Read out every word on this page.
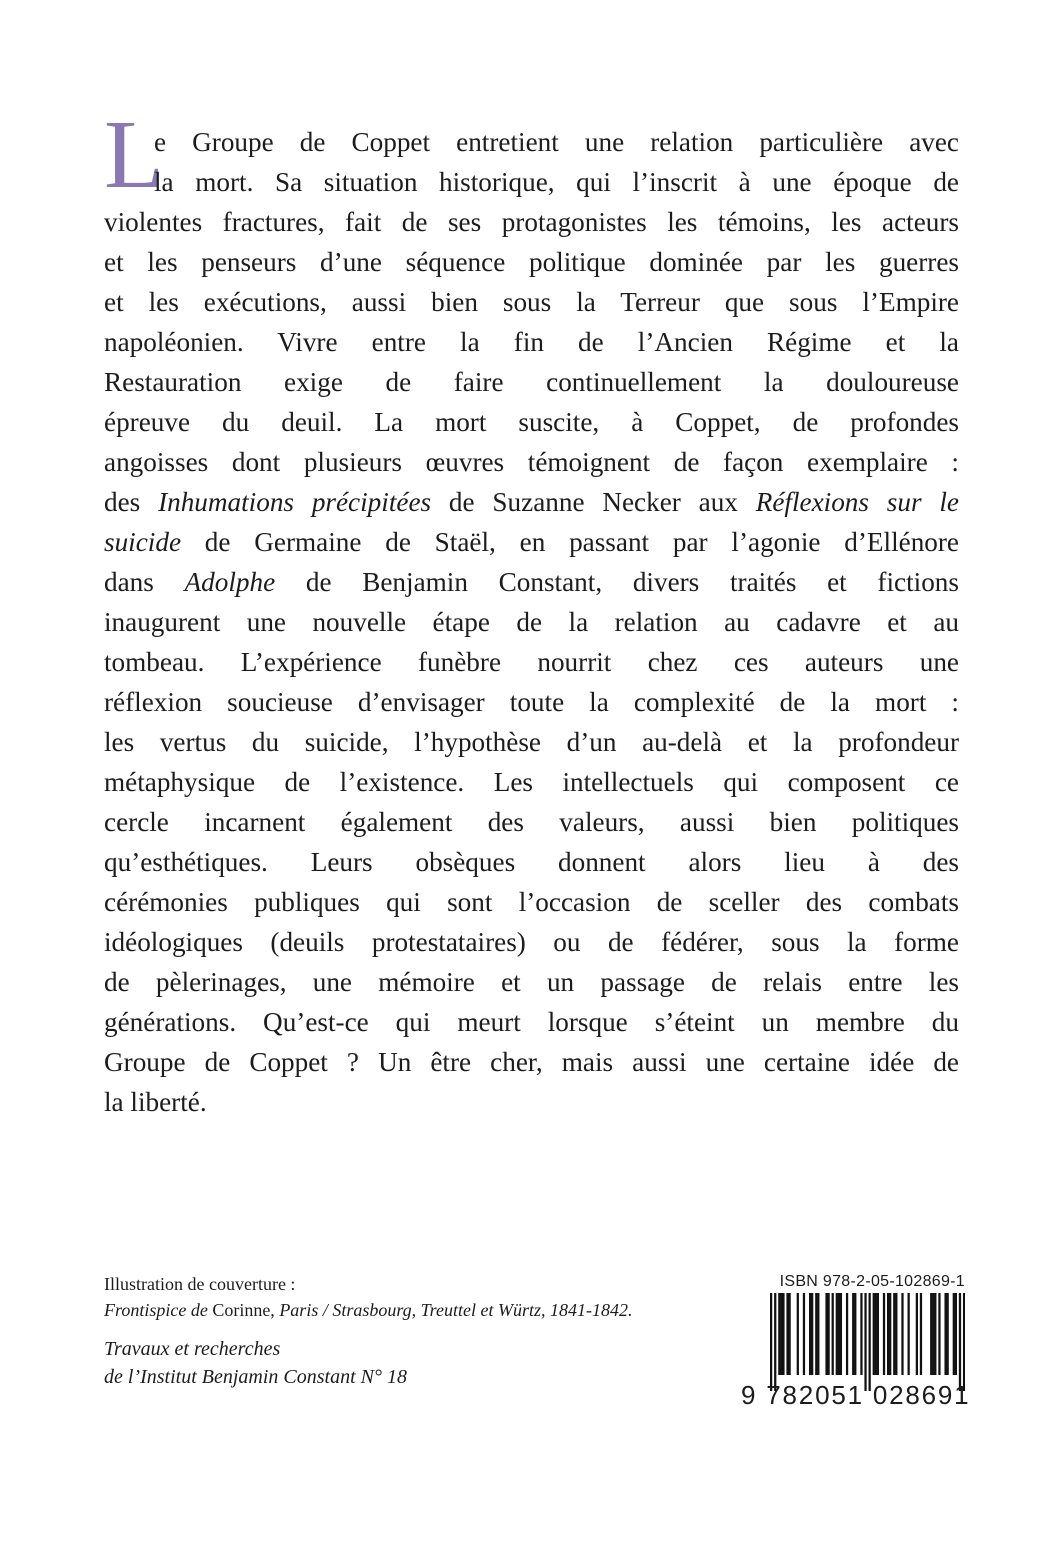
L
e Groupe de Coppet entretient une relation particulière avec
la mort. Sa situation historique, qui l’inscrit à une époque de
violentes fractures, fait de ses protagonistes les témoins, les acteurs
et les penseurs d’une séquence politique dominée par les guerres
et les exécutions, aussi bien sous la Terreur que sous l’Empire
napoléonien. Vivre entre la fin de l’Ancien Régime et la
Restauration exige de faire continuellement la douloureuse
épreuve du deuil. La mort suscite, à Coppet, de profondes
angoisses dont plusieurs œuvres témoignent de façon exemplaire :
des Inhumations précipitées de Suzanne Necker aux Réflexions sur le
suicide de Germaine de Staël, en passant par l’agonie d’Ellénore
dans Adolphe de Benjamin Constant, divers traités et fictions
inaugurent une nouvelle étape de la relation au cadavre et au
tombeau. L’expérience funèbre nourrit chez ces auteurs une
réflexion soucieuse d’envisager toute la complexité de la mort :
les vertus du suicide, l’hypothèse d’un au-delà et la profondeur
métaphysique de l’existence. Les intellectuels qui composent ce
cercle incarnent également des valeurs, aussi bien politiques
qu’esthétiques. Leurs obsèques donnent alors lieu à des
cérémonies publiques qui sont l’occasion de sceller des combats
idéologiques (deuils protestataires) ou de fédérer, sous la forme
de pèlerinages, une mémoire et un passage de relais entre les
générations. Qu’est-ce qui meurt lorsque s’éteint un membre du
Groupe de Coppet ? Un être cher, mais aussi une certaine idée de
la liberté.
Illustration de couverture :
Frontispice de Corinne, Paris / Strasbourg, Treuttel et Würtz, 1841-1842.
Travaux et recherches
de l’Institut Benjamin Constant N° 18
ISBN 978-2-05-102869-1
9 782051 028691
